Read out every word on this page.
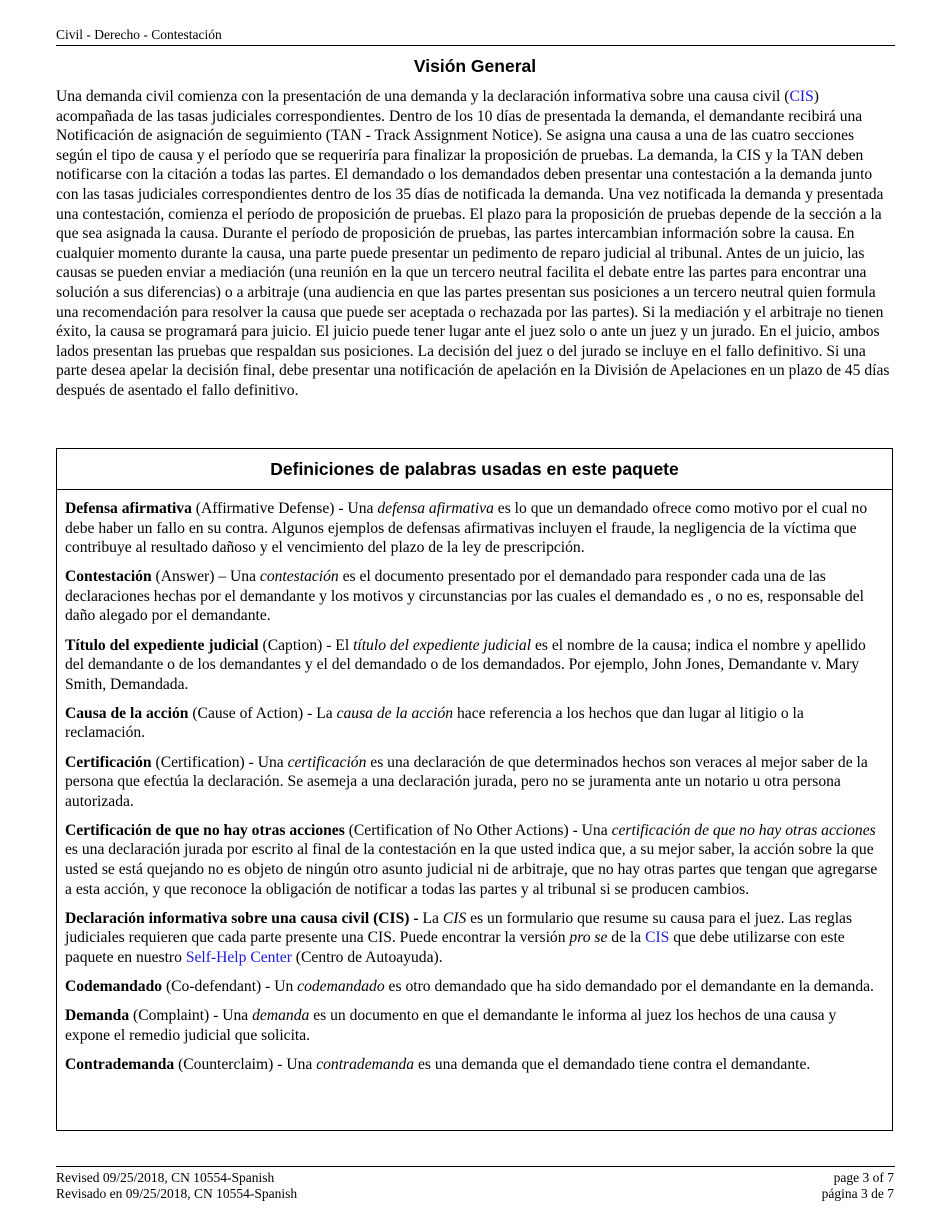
Civil - Derecho - Contestación
Visión General

Una demanda civil comienza con la presentación de una demanda y la declaración informativa sobre una causa civil (CIS) acompañada de las tasas judiciales correspondientes. Dentro de los 10 días de presentada la demanda, el demandante recibirá una Notificación de asignación de seguimiento (TAN - Track Assignment Notice). Se asigna una causa a una de las cuatro secciones según el tipo de causa y el período que se requeriría para finalizar la proposición de pruebas. La demanda, la CIS y la TAN deben notificarse con la citación a todas las partes. El demandado o los demandados deben presentar una contestación a la demanda junto con las tasas judiciales correspondientes dentro de los 35 días de notificada la demanda. Una vez notificada la demanda y presentada una contestación, comienza el período de proposición de pruebas. El plazo para la proposición de pruebas depende de la sección a la que sea asignada la causa. Durante el período de proposición de pruebas, las partes intercambian información sobre la causa. En cualquier momento durante la causa, una parte puede presentar un pedimento de reparo judicial al tribunal. Antes de un juicio, las causas se pueden enviar a mediación (una reunión en la que un tercero neutral facilita el debate entre las partes para encontrar una solución a sus diferencias) o a arbitraje (una audiencia en que las partes presentan sus posiciones a un tercero neutral quien formula una recomendación para resolver la causa que puede ser aceptada o rechazada por las partes). Si la mediación y el arbitraje no tienen éxito, la causa se programará para juicio. El juicio puede tener lugar ante el juez solo o ante un juez y un jurado. En el juicio, ambos lados presentan las pruebas que respaldan sus posiciones. La decisión del juez o del jurado se incluye en el fallo definitivo. Si una parte desea apelar la decisión final, debe presentar una notificación de apelación en la División de Apelaciones en un plazo de 45 días después de asentado el fallo definitivo.

Definiciones de palabras usadas en este paquete

Defensa afirmativa (Affirmative Defense) - Una defensa afirmativa es lo que un demandado ofrece como motivo por el cual no debe haber un fallo en su contra. Algunos ejemplos de defensas afirmativas incluyen el fraude, la negligencia de la víctima que contribuye al resultado dañoso y el vencimiento del plazo de la ley de prescripción.

Contestación (Answer) – Una contestación es el documento presentado por el demandado para responder cada una de las declaraciones hechas por el demandante y los motivos y circunstancias por las cuales el demandado es , o no es, responsable del daño alegado por el demandante.

Título del expediente judicial (Caption) - El título del expediente judicial es el nombre de la causa; indica el nombre y apellido del demandante o de los demandantes y el del demandado o de los demandados. Por ejemplo, John Jones, Demandante v. Mary Smith, Demandada.

Causa de la acción (Cause of Action) - La causa de la acción hace referencia a los hechos que dan lugar al litigio o la reclamación.

Certificación (Certification) - Una certificación es una declaración de que determinados hechos son veraces al mejor saber de la persona que efectúa la declaración. Se asemeja a una declaración jurada, pero no se juramenta ante un notario u otra persona autorizada.

Certificación de que no hay otras acciones (Certification of No Other Actions) - Una certificación de que no hay otras acciones es una declaración jurada por escrito al final de la contestación en la que usted indica que, a su mejor saber, la acción sobre la que usted se está quejando no es objeto de ningún otro asunto judicial ni de arbitraje, que no hay otras partes que tengan que agregarse a esta acción, y que reconoce la obligación de notificar a todas las partes y al tribunal si se producen cambios.

Declaración informativa sobre una causa civil (CIS) - La CIS es un formulario que resume su causa para el juez. Las reglas judiciales requieren que cada parte presente una CIS. Puede encontrar la versión pro se de la CIS que debe utilizarse con este paquete en nuestro Self-Help Center (Centro de Autoayuda).

Codemandado (Co-defendant) - Un codemandado es otro demandado que ha sido demandado por el demandante en la demanda.

Demanda (Complaint) - Una demanda es un documento en que el demandante le informa al juez los hechos de una causa y expone el remedio judicial que solicita.

Contrademanda (Counterclaim) - Una contrademanda es una demanda que el demandado tiene contra el demandante.

Revised 09/25/2018, CN 10554-Spanish
Revisado en 09/25/2018, CN 10554-Spanish
page 3 of 7
página 3 de 7
